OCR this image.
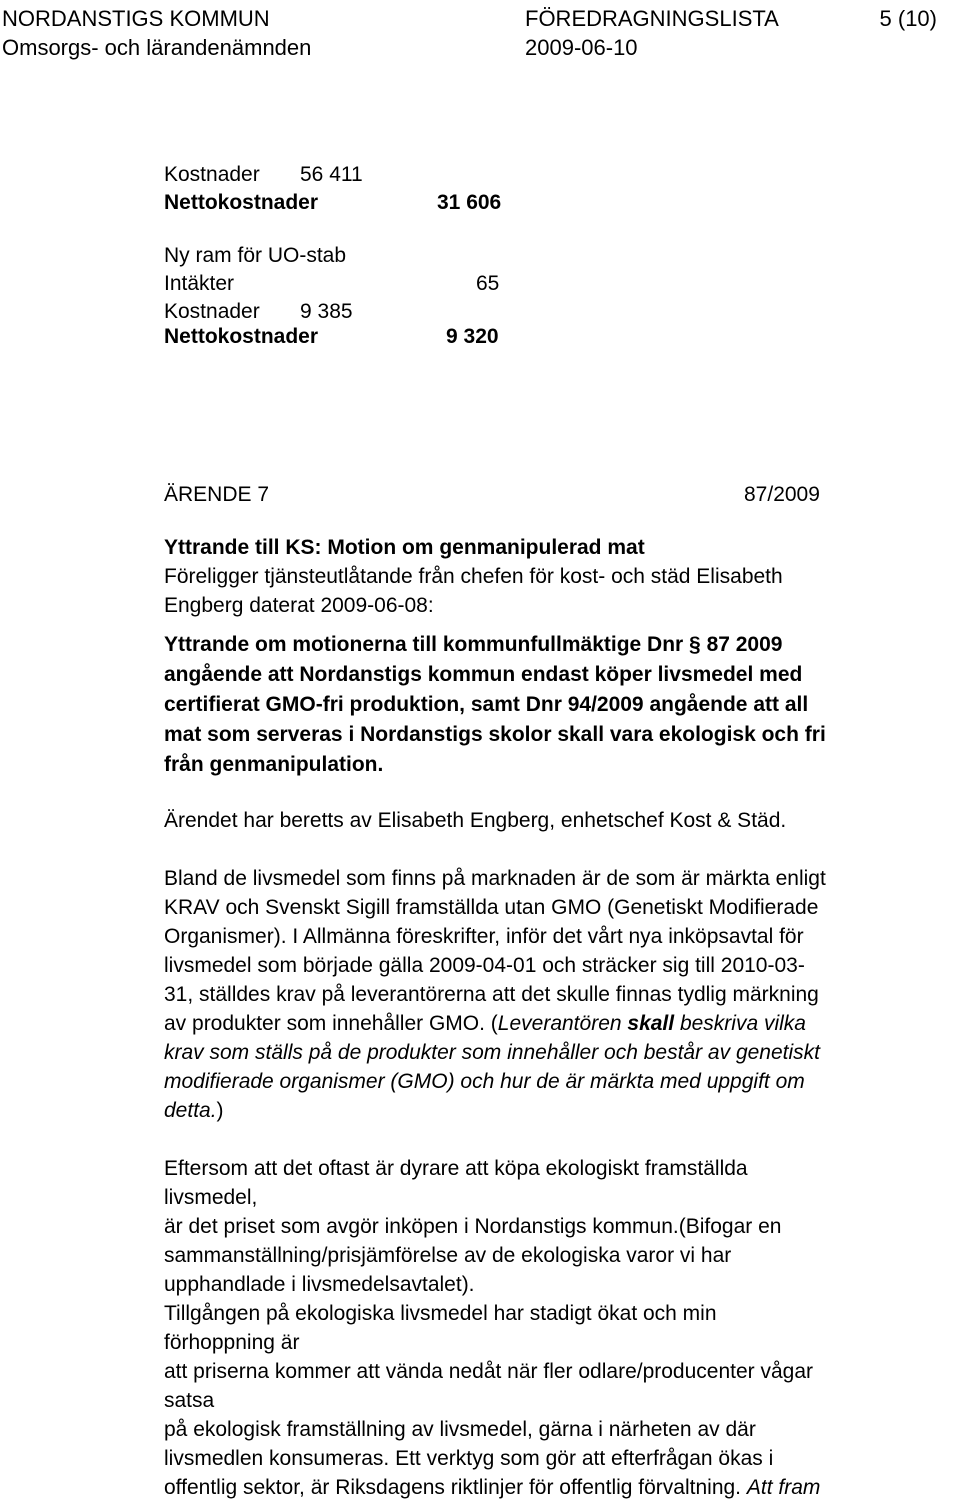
NORDANSTIGS KOMMUN	FÖREDRAGNINGSLISTA	5 (10)
Omsorgs- och lärandenämnden	2009-06-10
Kostnader 56 411
Nettokostnader	31 606
Ny ram för UO-stab
Intäkter	65
Kostnader 9 385
Nettokostnader	9 320
ÄRENDE 7	87/2009
Yttrande till KS: Motion om genmanipulerad mat
Föreligger tjänsteutlåtande från chefen för kost- och städ Elisabeth
Engberg daterat 2009-06-08:
Yttrande om motionerna till kommunfullmäktige Dnr § 87 2009
angående att Nordanstigs kommun endast köper livsmedel med
certifierat GMO-fri produktion, samt Dnr 94/2009 angående att all
mat som serveras i Nordanstigs skolor skall vara ekologisk och fri
från genmanipulation.
Ärendet har beretts av Elisabeth Engberg, enhetschef Kost & Städ.
Bland de livsmedel som finns på marknaden är de som är märkta enligt
KRAV och Svenskt Sigill framställda utan GMO (Genetiskt Modifierade
Organismer). I Allmänna föreskrifter, inför det vårt nya inköpsavtal för
livsmedel som började gälla 2009-04-01 och sträcker sig till 2010-03-
31, ställdes krav på leverantörerna att det skulle finnas tydlig märkning
av produkter som innehåller GMO. (Leverantören skall beskriva vilka
krav som ställs på de produkter som innehåller och består av genetiskt
modifierade organismer (GMO) och hur de är märkta med uppgift om
detta.)
Eftersom att det oftast är dyrare att köpa ekologiskt framställda
livsmedel,
är det priset som avgör inköpen i Nordanstigs kommun.(Bifogar en
sammanställning/prisjämförelse av de ekologiska varor vi har
upphandlade i livsmedelsavtalet).
Tillgången på ekologiska livsmedel har stadigt ökat och min
förhoppning är
att priserna kommer att vända nedåt när fler odlare/producenter vågar
satsa
på ekologisk framställning av livsmedel, gärna i närheten av där
livsmedlen konsumeras. Ett verktyg som gör att efterfrågan ökas i
offentlig sektor, är Riksdagens riktlinjer för offentlig förvaltning. Att fram
